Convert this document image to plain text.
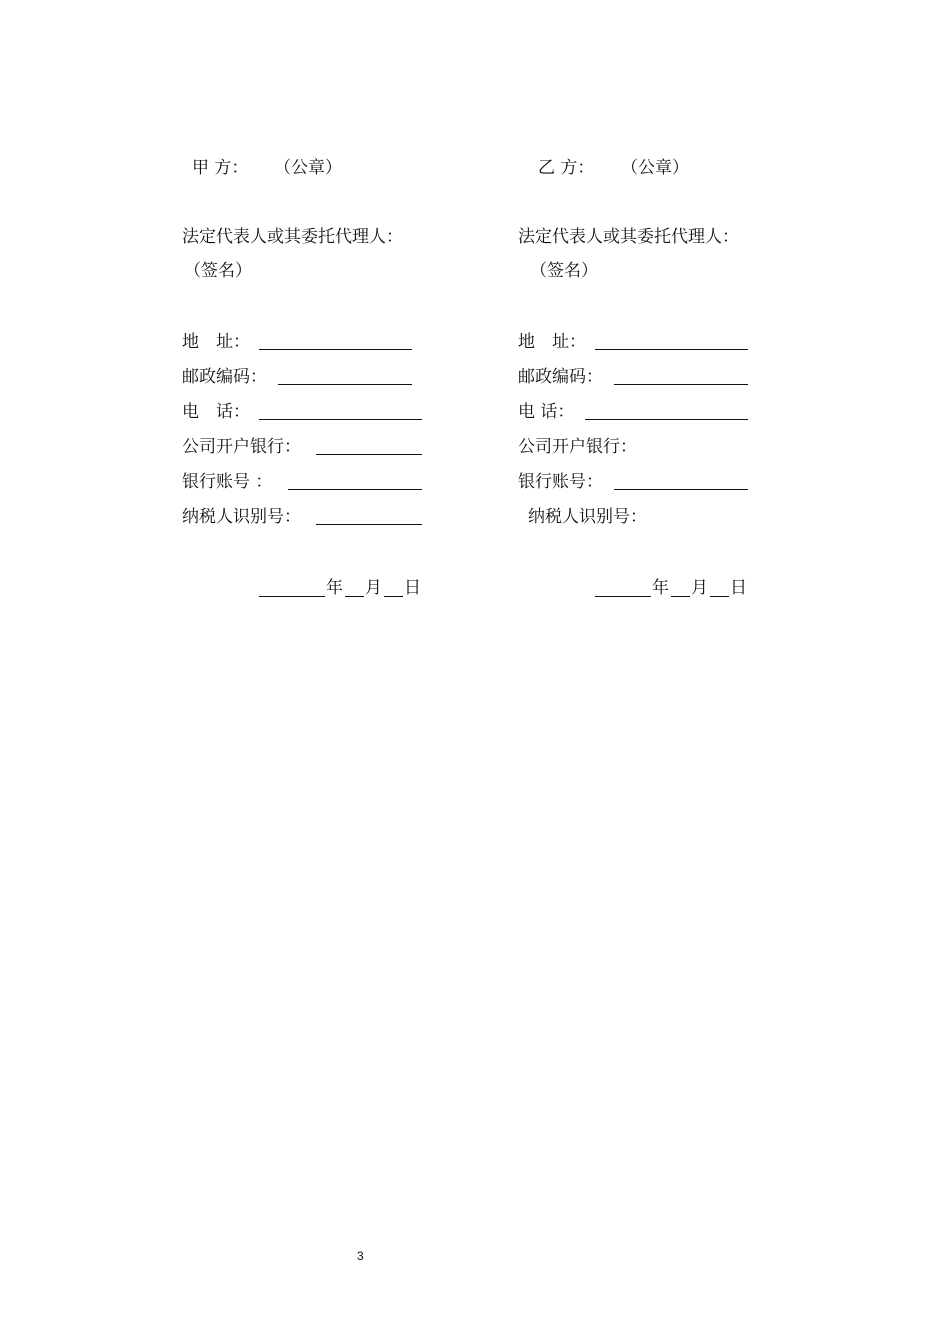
甲 方： （公章）
法定代表人或其委托代理人：
（签名）
地　址：
邮政编码：
电　话：
公司开户银行：
银行账号 ：
纳税人识别号：
年 月 日
乙 方： （公章）
法定代表人或其委托代理人：
（签名）
地　址：
邮政编码：
电 话：
公司开户银行：
银行账号：
纳税人识别号：
年 月 日
3
